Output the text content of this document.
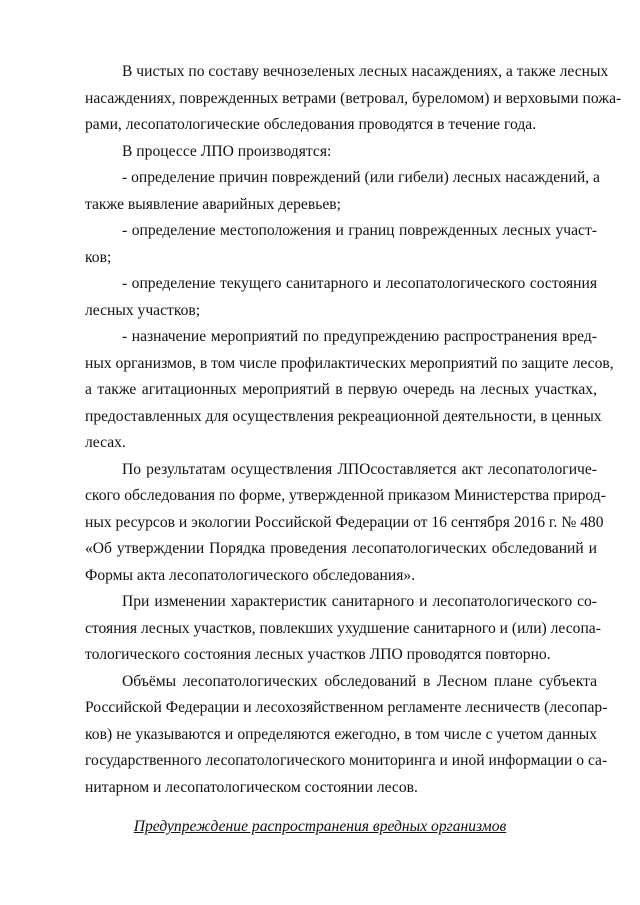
В чистых по составу вечнозеленых лесных насаждениях, а также лесных
насаждениях, поврежденных ветрами (ветровал, буреломом) и верховыми пожа-
рами, лесопатологические обследования проводятся в течение года.
В процессе ЛПО производятся:
- определение причин повреждений (или гибели) лесных насаждений, а
также выявление аварийных деревьев;
- определение местоположения и границ поврежденных лесных участ-
ков;
- определение текущего санитарного и лесопатологического состояния
лесных участков;
- назначение мероприятий по предупреждению распространения вред-
ных организмов, в том числе профилактических мероприятий по защите лесов,
а также агитационных мероприятий в первую очередь на лесных участках,
предоставленных для осуществления рекреационной деятельности, в ценных
лесах.
По результатам осуществления ЛПОсоставляется акт лесопатологиче-
ского обследования по форме, утвержденной приказом Министерства природ-
ных ресурсов и экологии Российской Федерации от 16 сентября 2016 г. № 480
«Об утверждении Порядка проведения лесопатологических обследований и
Формы акта лесопатологического обследования».
При изменении характеристик санитарного и лесопатологического со-
стояния лесных участков, повлекших ухудшение санитарного и (или) лесопа-
тологического состояния лесных участков ЛПО проводятся повторно.
Объёмы лесопатологических обследований в Лесном плане субъекта
Российской Федерации и лесохозяйственном регламенте лесничеств (лесопар-
ков) не указываются и определяются ежегодно, в том числе с учетом данных
государственного лесопатологического мониторинга и иной информации о са-
нитарном и лесопатологическом состоянии лесов.
Предупреждение распространения вредных организмов
